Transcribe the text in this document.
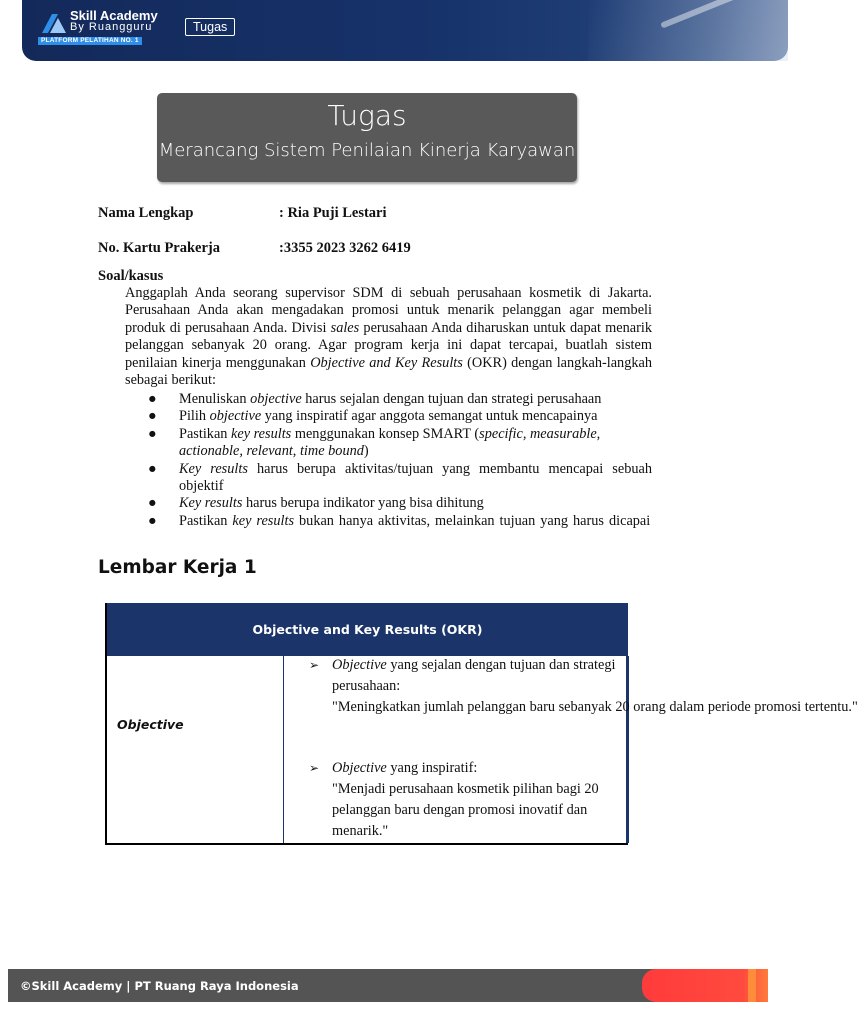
Skill Academy
By Ruangguru
PLATFORM PELATIHAN NO. 1
Tugas
Tugas
Merancang Sistem Penilaian Kinerja Karyawan
Nama Lengkap	: Ria Puji Lestari
No. Kartu Prakerja	:3355 2023 3262 6419
Soal/kasus
Anggaplah Anda seorang supervisor SDM di sebuah perusahaan kosmetik di Jakarta. Perusahaan Anda akan mengadakan promosi untuk menarik pelanggan agar membeli produk di perusahaan Anda. Divisi sales perusahaan Anda diharuskan untuk dapat menarik pelanggan sebanyak 20 orang. Agar program kerja ini dapat tercapai, buatlah sistem penilaian kinerja menggunakan Objective and Key Results (OKR) dengan langkah-langkah sebagai berikut:
● Menuliskan objective harus sejalan dengan tujuan dan strategi perusahaan
● Pilih objective yang inspiratif agar anggota semangat untuk mencapainya
● Pastikan key results menggunakan konsep SMART (specific, measurable, actionable, relevant, time bound)
● Key results harus berupa aktivitas/tujuan yang membantu mencapai sebuah objektif
● Key results harus berupa indikator yang bisa dihitung
● Pastikan key results bukan hanya aktivitas, melainkan tujuan yang harus dicapai
Lembar Kerja 1
Objective and Key Results (OKR)
Objective
➢ Objective yang sejalan dengan tujuan dan strategi perusahaan:
"Meningkatkan jumlah pelanggan baru sebanyak 20 orang dalam periode promosi tertentu."
➢ Objective yang inspiratif:
"Menjadi perusahaan kosmetik pilihan bagi 20 pelanggan baru dengan promosi inovatif dan menarik."
©Skill Academy | PT Ruang Raya Indonesia
